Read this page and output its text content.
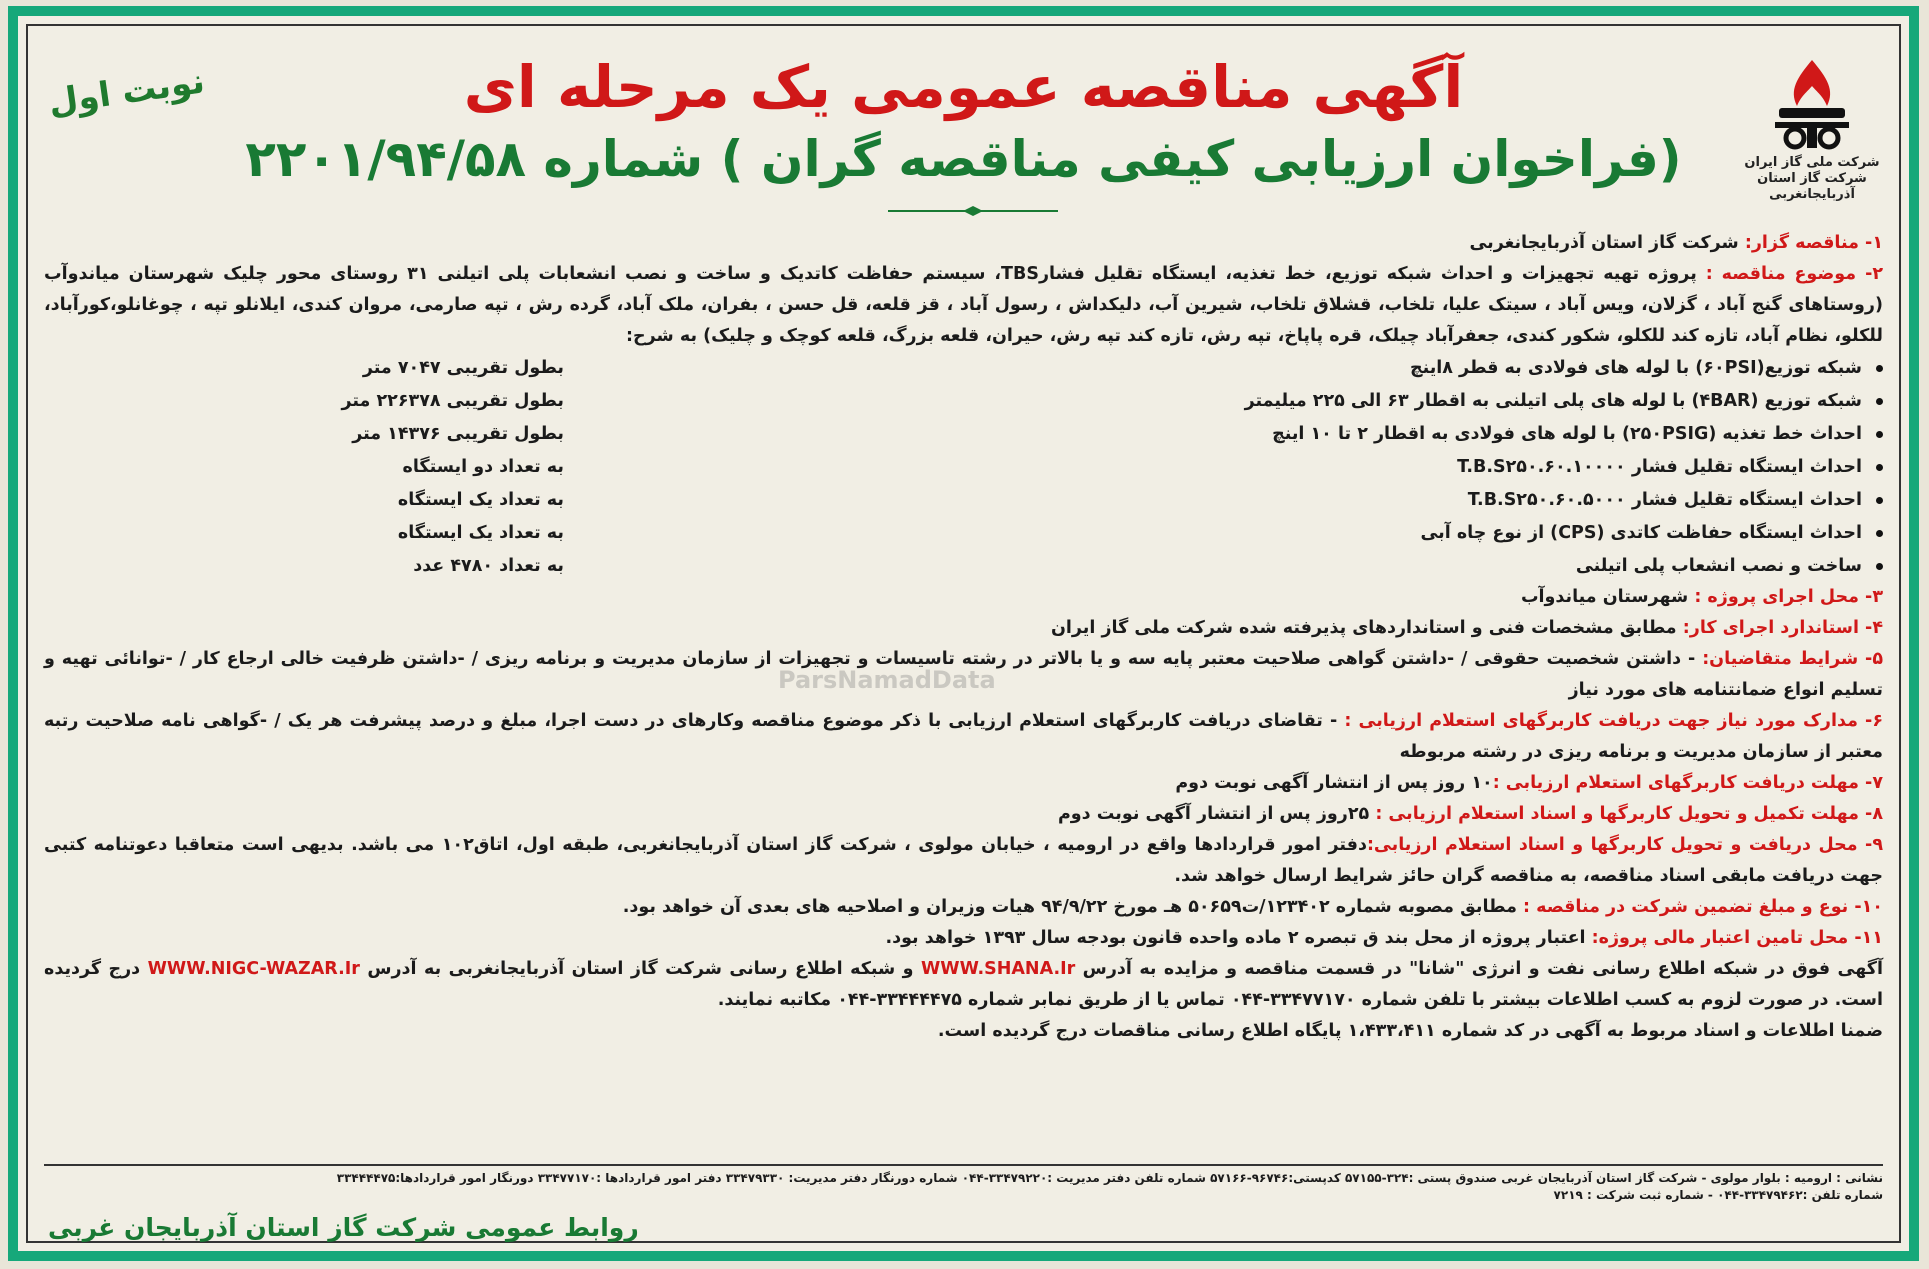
شرکت ملی گاز ایران
شرکت گاز استان آذربایجانغربی
نوبت اول	آگهی مناقصه عمومی یک مرحله ای
(فراخوان ارزیابی کیفی مناقصه گران ) شماره ۲۲۰۱/۹۴/۵۸

۱- مناقصه گزار: شرکت گاز استان آذربایجانغربی

۲- موضوع مناقصه : پروژه تهیه تجهیزات و احداث شبکه توزیع، خط تغذیه، ایستگاه تقلیل فشارTBS، سیستم حفاظت کاتدیک و ساخت و نصب انشعابات پلی اتیلنی ۳۱ روستای محور چلیک شهرستان میاندوآب (روستاهای گنج آباد ، گزلان، ویس آباد ، سیتک علیا، تلخاب، قشلاق تلخاب، شیرین آب، دلیکداش ، رسول آباد ، قز قلعه، قل حسن ، بفران، ملک آباد، گرده رش ، تپه صارمی، مروان کندی، ایلانلو تپه ، چوغانلو،کورآباد، للکلو، نظام آباد، تازه کند للکلو، شکور کندی، جعفرآباد چیلک، قره پاپاخ، تپه رش، تازه کند تپه رش، حیران، قلعه بزرگ، قلعه کوچک و چلیک) به شرح:

شبکه توزیع(۶۰PSI) با لوله های فولادی به قطر ۸اینچ
شبکه توزیع (۴BAR) با لوله های پلی اتیلنی به اقطار ۶۳ الی ۲۲۵ میلیمتر
احداث خط تغذیه (۲۵۰PSIG) با لوله های فولادی به اقطار ۲ تا ۱۰ اینچ
احداث ایستگاه تقلیل فشار T.B.S۲۵۰.۶۰.۱۰۰۰۰
احداث ایستگاه تقلیل فشار T.B.S۲۵۰.۶۰.۵۰۰۰
احداث ایستگاه حفاظت کاتدی (CPS) از نوع چاه آبی
ساخت و نصب انشعاب پلی اتیلنی
بطول تقریبی ۷۰۴۷ متر
بطول تقریبی ۲۲۶۳۷۸ متر
بطول تقریبی ۱۴۳۷۶ متر
به تعداد دو ایستگاه
به تعداد یک ایستگاه
به تعداد یک ایستگاه
به تعداد ۴۷۸۰ عدد

۳- محل اجرای پروژه : شهرستان میاندوآب

۴- استاندارد اجرای کار: مطابق مشخصات فنی و استانداردهای پذیرفته شده شرکت ملی گاز ایران

۵- شرایط متقاضیان: - داشتن شخصیت حقوقی / -داشتن گواهی صلاحیت معتبر پایه سه و یا بالاتر در رشته تاسیسات و تجهیزات از سازمان مدیریت و برنامه ریزی / -داشتن ظرفیت خالی ارجاع کار / -توانائی تهیه و تسلیم انواع ضمانتنامه های مورد نیاز

۶- مدارک مورد نیاز جهت دریافت کاربرگهای استعلام ارزیابی : - تقاضای دریافت کاربرگهای استعلام ارزیابی با ذکر موضوع مناقصه وکارهای در دست اجرا، مبلغ و درصد پیشرفت هر یک / -گواهی نامه صلاحیت رتبه معتبر از سازمان مدیریت و برنامه ریزی در رشته مربوطه

۷- مهلت دریافت کاربرگهای استعلام ارزیابی :۱۰ روز پس از انتشار آگهی نوبت دوم

۸- مهلت تکمیل و تحویل کاربرگها و اسناد استعلام ارزیابی : ۲۵روز پس از انتشار آگهی نوبت دوم

۹- محل دریافت و تحویل کاربرگها و اسناد استعلام ارزیابی:دفتر امور قراردادها واقع در ارومیه ، خیابان مولوی ، شرکت گاز استان آذربایجانغربی، طبقه اول، اتاق۱۰۲ می باشد. بدیهی است متعاقبا دعوتنامه کتبی جهت دریافت مابقی اسناد مناقصه، به مناقصه گران حائز شرایط ارسال خواهد شد.

۱۰- نوع و مبلغ تضمین شرکت در مناقصه : مطابق مصوبه شماره ۱۲۳۴۰۲/ت۵۰۶۵۹ هـ مورخ ۹۴/۹/۲۲ هیات وزیران و اصلاحیه های بعدی آن خواهد بود.

۱۱- محل تامین اعتبار مالی پروژه: اعتبار پروژه از محل بند ق تبصره ۲ ماده واحده قانون بودجه سال ۱۳۹۳ خواهد بود.

آگهی فوق در شبکه اطلاع رسانی نفت و انرژی "شانا" در قسمت مناقصه و مزایده به آدرس WWW.SHANA.Ir و شبکه اطلاع رسانی شرکت گاز استان آذربایجانغربی به آدرس WWW.NIGC-WAZAR.Ir درج گردیده است. در صورت لزوم به کسب اطلاعات بیشتر با تلفن شماره ۳۳۴۷۷۱۷۰-۰۴۴ تماس یا از طریق نمابر شماره ۳۳۴۴۴۴۷۵-۰۴۴ مکاتبه نمایند.

ضمنا اطلاعات و اسناد مربوط به آگهی در کد شماره ۱،۴۳۳،۴۱۱ پایگاه اطلاع رسانی مناقصات درج گردیده است.

ParsNamadData
نشانی : ارومیه : بلوار مولوی - شرکت گاز استان آذربایجان غربی صندوق پستی :۳۲۴-۵۷۱۵۵ کدپستی:۹۶۷۴۶-۵۷۱۶۶ شماره تلفن دفتر مدیریت :۳۳۴۷۹۲۲۰-۰۴۴ شماره دورنگار دفتر مدیریت: ۳۳۴۷۹۳۳۰ دفتر امور قراردادها :۳۳۴۷۷۱۷۰ دورنگار امور قراردادها:۳۳۴۴۴۴۷۵
شماره تلفن :۳۳۴۷۹۴۶۲-۰۴۴ - شماره ثبت شرکت : ۷۲۱۹
روابط عمومی شرکت گاز استان آذربایجان غربی
